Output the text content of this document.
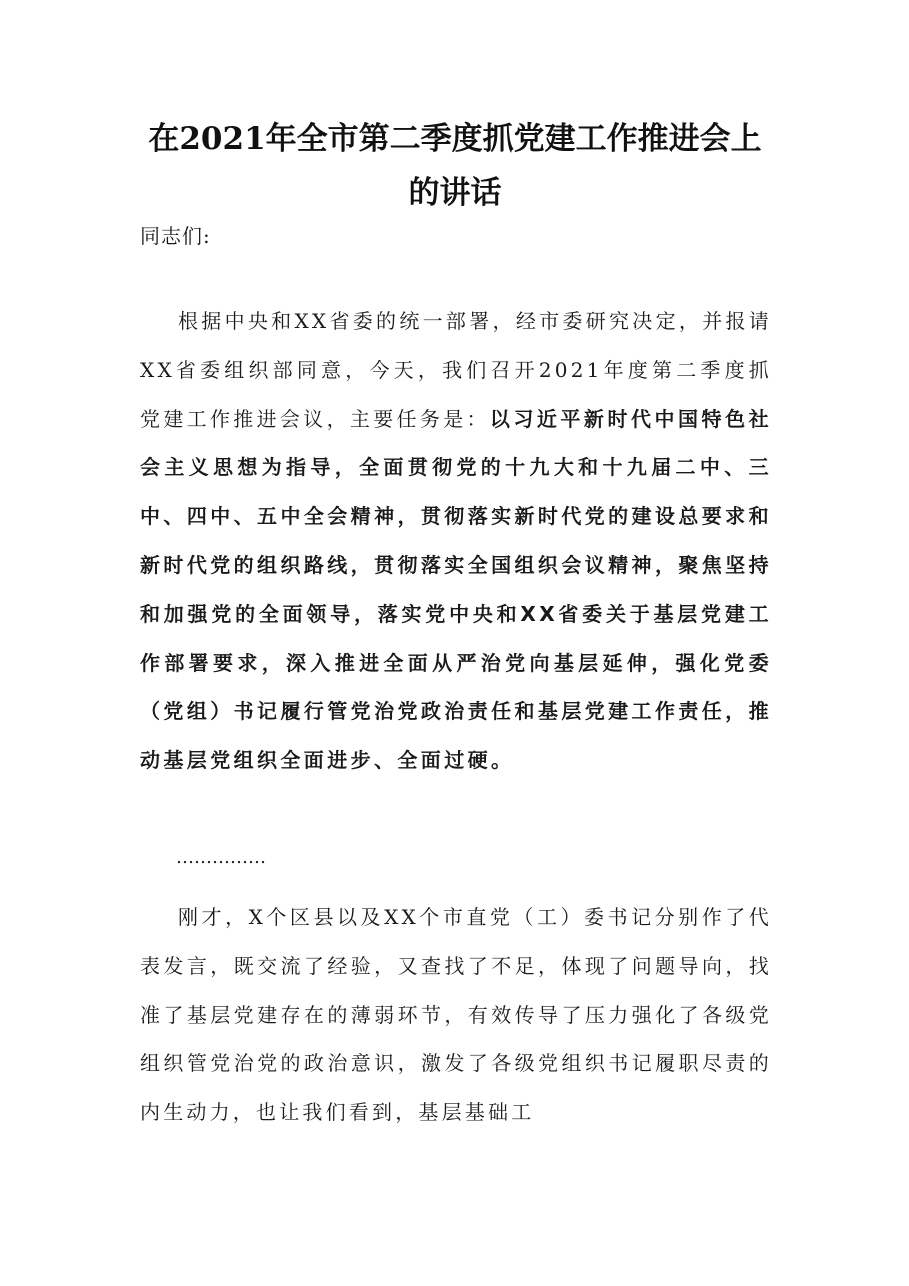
在2021年全市第二季度抓党建工作推进会上的讲话

同志们:

根据中央和XX省委的统一部署，经市委研究决定，并报请XX省委组织部同意，今天，我们召开2021年度第二季度抓党建工作推进会议，主要任务是：以习近平新时代中国特色社会主义思想为指导，全面贯彻党的十九大和十九届二中、三中、四中、五中全会精神，贯彻落实新时代党的建设总要求和新时代党的组织路线，贯彻落实全国组织会议精神，聚焦坚持和加强党的全面领导，落实党中央和XX省委关于基层党建工作部署要求，深入推进全面从严治党向基层延伸，强化党委（党组）书记履行管党治党政治责任和基层党建工作责任，推动基层党组织全面进步、全面过硬。

……………

刚才，X个区县以及XX个市直党（工）委书记分别作了代表发言，既交流了经验，又查找了不足，体现了问题导向，找准了基层党建存在的薄弱环节，有效传导了压力强化了各级党组织管党治党的政治意识，激发了各级党组织书记履职尽责的内生动力，也让我们看到，基层基础工
